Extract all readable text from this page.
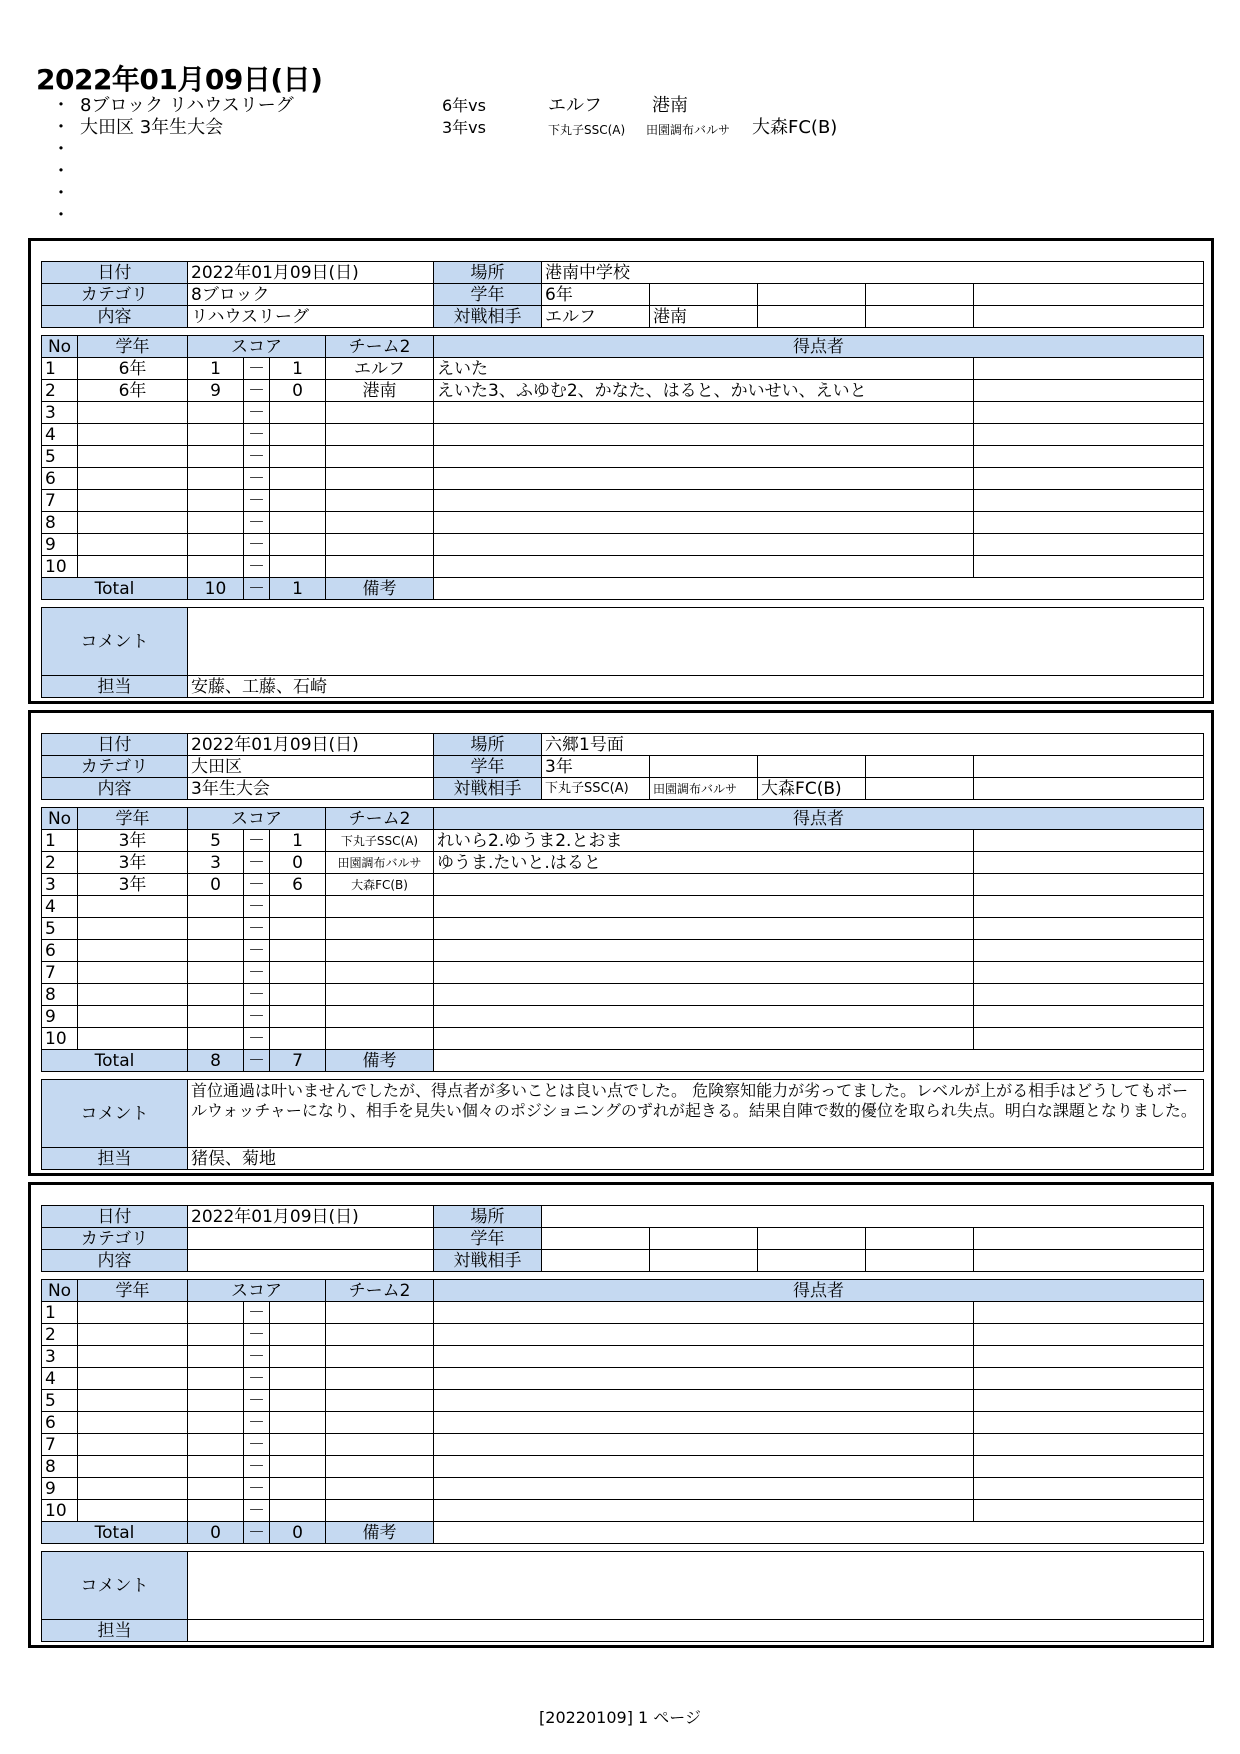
2022年01月09日(日)
・ 8ブロック リハウスリーグ	6年vs	エルフ	港南
・ 大田区 3年生大会	3年vs	下丸子SSC(A) 田園調布バルサ 大森FC(B)
・
・
・
・
日付	2022年01月09日(日)	場所	港南中学校				
カテゴリ	8ブロック	学年	6年				
内容	リハウスリーグ	対戦相手	エルフ	港南			
No	学年	スコア			チーム2	得点者	
1	6年	1	－	1	エルフ	えいた	
2	6年	9	－	0	港南	えいた3、ふゆむ2、かなた、はると、かいせい、えいと	
3			－				
4			－				
5			－				
6			－				
7			－				
8			－				
9			－				
10			－				
Total		10	－	1	備考		
コメント	
担当	安藤、工藤、石崎
日付	2022年01月09日(日)	場所	六郷1号面				
カテゴリ	大田区	学年	3年				
内容	3年生大会	対戦相手	下丸子SSC(A)	田園調布バルサ	大森FC(B)		
No	学年	スコア			チーム2	得点者	
1	3年	5	－	1	下丸子SSC(A)	れいら2.ゆうま2.とおま	
2	3年	3	－	0	田園調布バルサ	ゆうま.たいと.はると	
3	3年	0	－	6	大森FC(B)		
4			－				
5			－				
6			－				
7			－				
8			－				
9			－				
10			－				
Total		8	－	7	備考		
コメント	首位通過は叶いませんでしたが、得点者が多いことは良い点でした。 危険察知能力が劣ってました。レベルが上がる相手はどうしてもボールウォッチャーになり、相手を見失い個々のポジショニングのずれが起きる。結果自陣で数的優位を取られ失点。明白な課題となりました。
担当	猪俣、菊地
日付	2022年01月09日(日)	場所					
カテゴリ		学年					
内容		対戦相手					
No	学年	スコア			チーム2	得点者	
1			－				
2			－				
3			－				
4			－				
5			－				
6			－				
7			－				
8			－				
9			－				
10			－				
Total		0	－	0	備考		
コメント	
担当	
[20220109] 1 ページ
